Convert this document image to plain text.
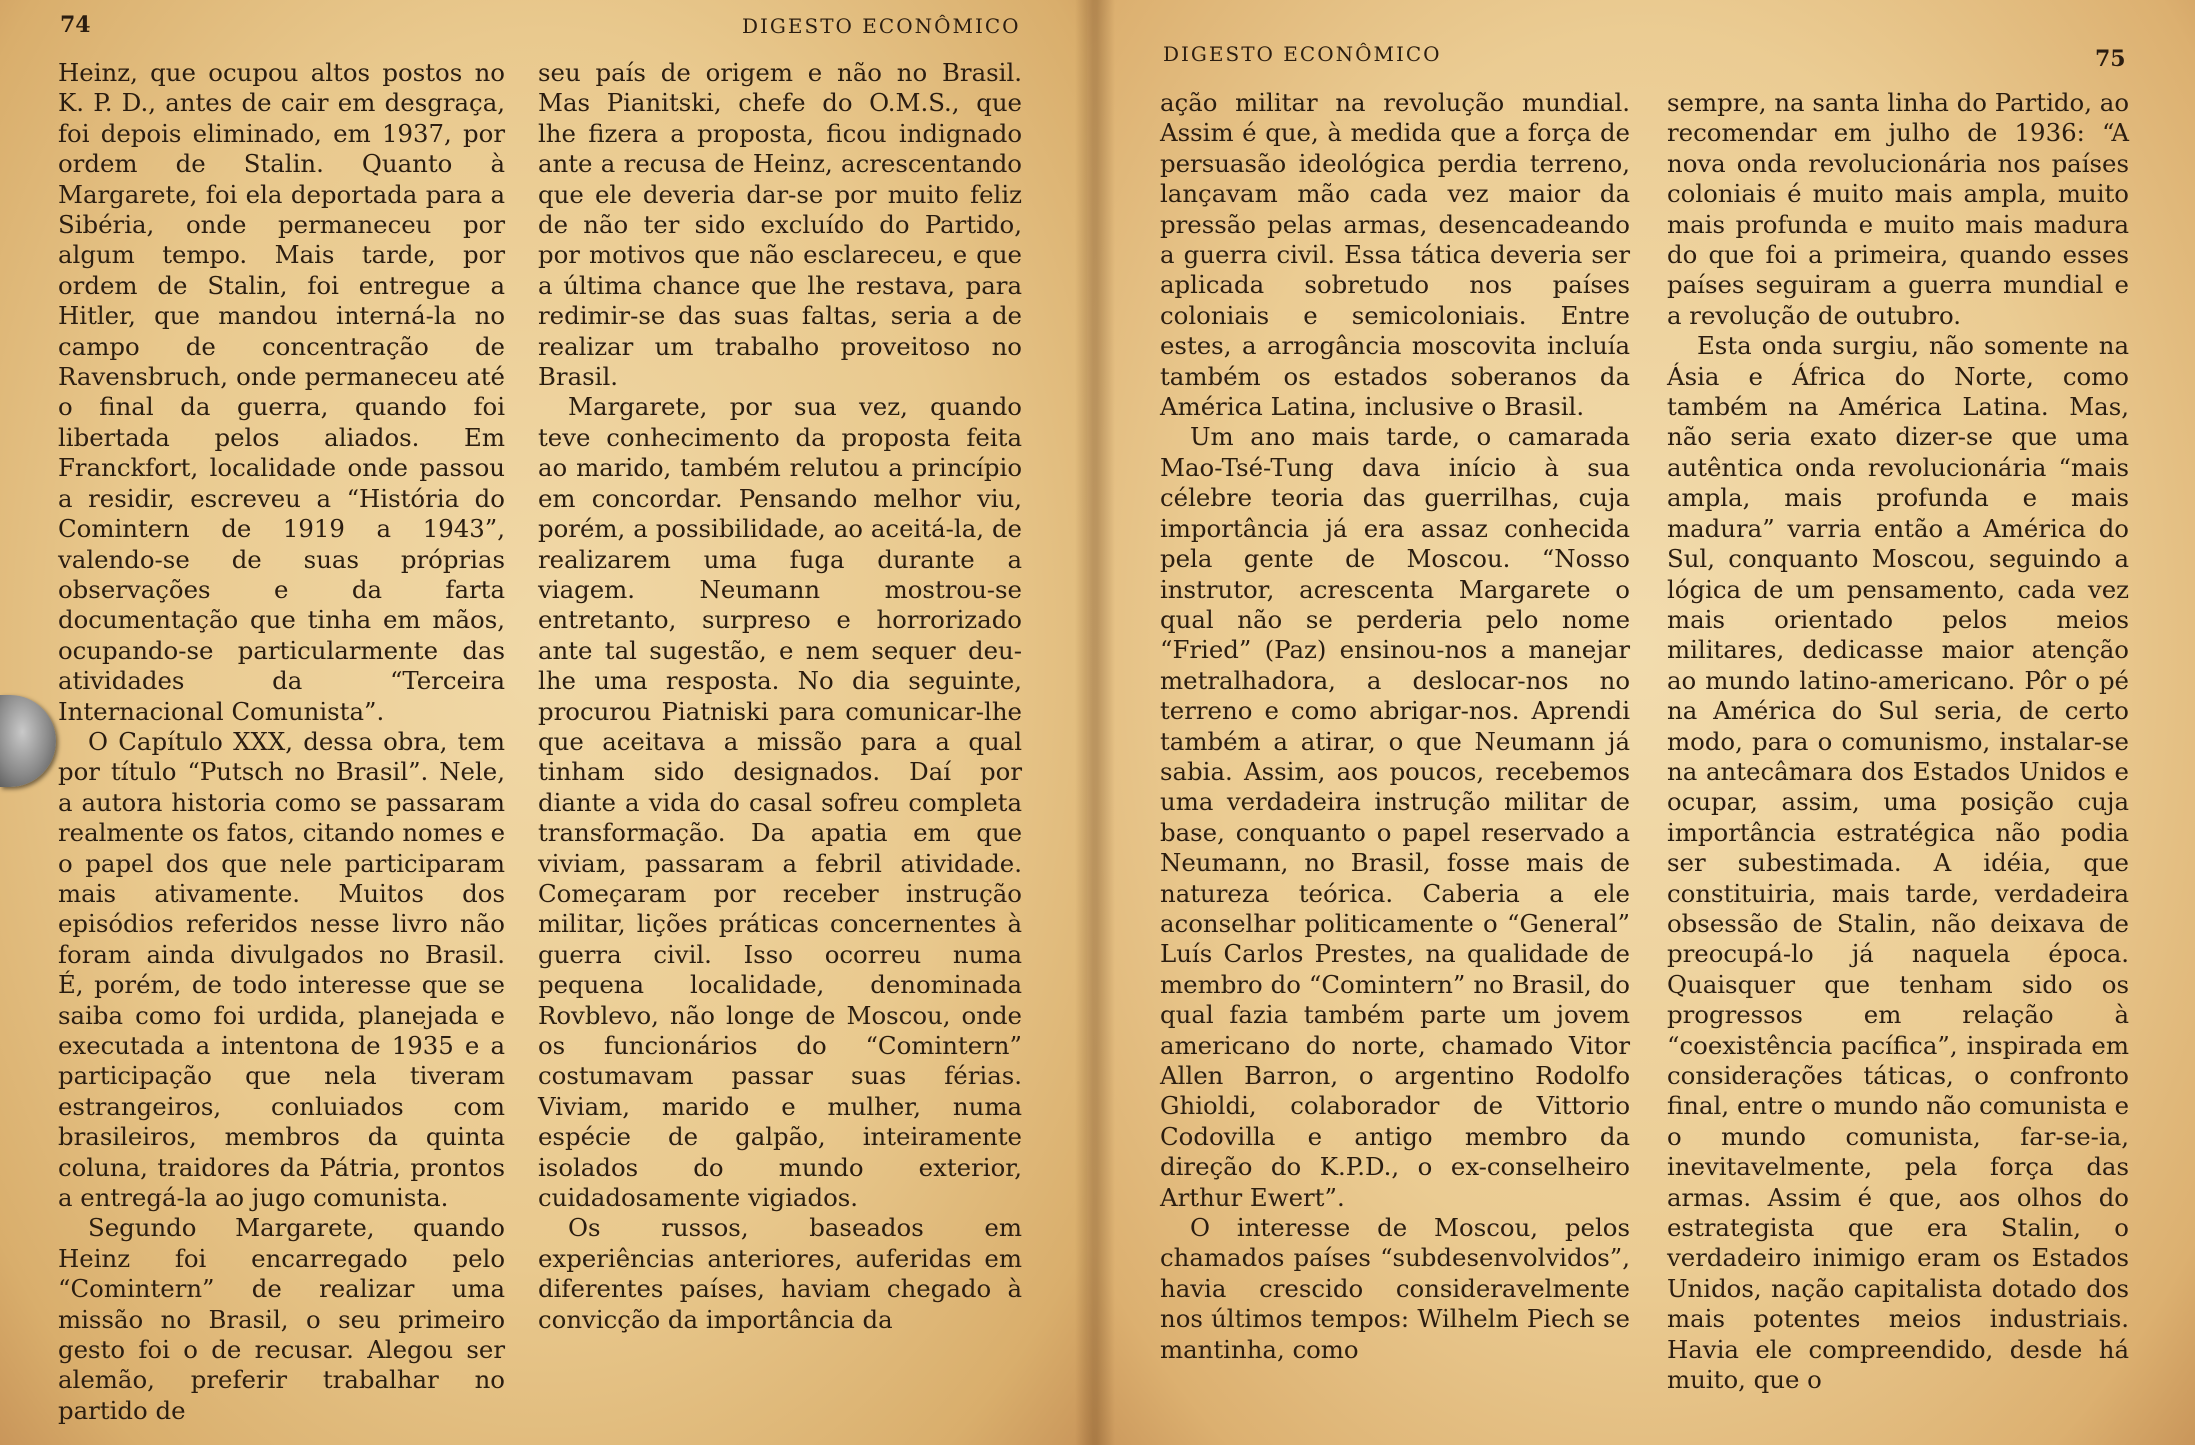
74	DIGESTO ECONÔMICO

Heinz, que ocupou altos postos no K. P. D., antes de cair em desgraça, foi depois eliminado, em 1937, por ordem de Stalin. Quanto à Margarete, foi ela deportada para a Sibéria, onde permaneceu por algum tempo. Mais tarde, por ordem de Stalin, foi entregue a Hitler, que mandou interná-la no campo de concentração de Ravensbruch, onde permaneceu até o final da guerra, quando foi libertada pelos aliados. Em Franckfort, localidade onde passou a residir, escreveu a “História do Comintern de 1919 a 1943”, valendo-se de suas próprias observações e da farta documentação que tinha em mãos, ocupando-se particularmente das atividades da “Terceira Internacional Comunista”.

O Capítulo XXX, dessa obra, tem por título “Putsch no Brasil”. Nele, a autora historia como se passaram realmente os fatos, citando nomes e o papel dos que nele participaram mais ativamente. Muitos dos episódios referidos nesse livro não foram ainda divulgados no Brasil. É, porém, de todo interesse que se saiba como foi urdida, planejada e executada a intentona de 1935 e a participação que nela tiveram estrangeiros, conluiados com brasileiros, membros da quinta coluna, traidores da Pátria, prontos a entregá-la ao jugo comunista.

Segundo Margarete, quando Heinz foi encarregado pelo “Comintern” de realizar uma missão no Brasil, o seu primeiro gesto foi o de recusar. Alegou ser alemão, preferir trabalhar no partido de

seu país de origem e não no Brasil. Mas Pianitski, chefe do O.M.S., que lhe fizera a proposta, ficou indignado ante a recusa de Heinz, acrescentando que ele deveria dar-se por muito feliz de não ter sido excluído do Partido, por motivos que não esclareceu, e que a última chance que lhe restava, para redimir-se das suas faltas, seria a de realizar um trabalho proveitoso no Brasil.

Margarete, por sua vez, quando teve conhecimento da proposta feita ao marido, também relutou a princípio em concordar. Pensando melhor viu, porém, a possibilidade, ao aceitá-la, de realizarem uma fuga durante a viagem. Neumann mostrou-se entretanto, surpreso e horrorizado ante tal sugestão, e nem sequer deu-lhe uma resposta. No dia seguinte, procurou Piatniski para comunicar-lhe que aceitava a missão para a qual tinham sido designados. Daí por diante a vida do casal sofreu completa transformação. Da apatia em que viviam, passaram a febril atividade. Começaram por receber instrução militar, lições práticas concernentes à guerra civil. Isso ocorreu numa pequena localidade, denominada Rovblevo, não longe de Moscou, onde os funcionários do “Comintern” costumavam passar suas férias. Viviam, marido e mulher, numa espécie de galpão, inteiramente isolados do mundo exterior, cuidadosamente vigiados.

Os russos, baseados em experiências anteriores, auferidas em diferentes países, haviam chegado à convicção da importância da

DIGESTO ECONÔMICO	75

ação militar na revolução mundial. Assim é que, à medida que a força de persuasão ideológica perdia terreno, lançavam mão cada vez maior da pressão pelas armas, desencadeando a guerra civil. Essa tática deveria ser aplicada sobretudo nos países coloniais e semicoloniais. Entre estes, a arrogância moscovita incluía também os estados soberanos da América Latina, inclusive o Brasil.

Um ano mais tarde, o camarada Mao-Tsé-Tung dava início à sua célebre teoria das guerrilhas, cuja importância já era assaz conhecida pela gente de Moscou. “Nosso instrutor, acrescenta Margarete o qual não se perderia pelo nome “Fried” (Paz) ensinou-nos a manejar metralhadora, a deslocar-nos no terreno e como abrigar-nos. Aprendi também a atirar, o que Neumann já sabia. Assim, aos poucos, recebemos uma verdadeira instrução militar de base, conquanto o papel reservado a Neumann, no Brasil, fosse mais de natureza teórica. Caberia a ele aconselhar politicamente o “General” Luís Carlos Prestes, na qualidade de membro do “Comintern” no Brasil, do qual fazia também parte um jovem americano do norte, chamado Vitor Allen Barron, o argentino Rodolfo Ghioldi, colaborador de Vittorio Codovilla e antigo membro da direção do K.P.D., o ex-conselheiro Arthur Ewert”.

O interesse de Moscou, pelos chamados países “subdesenvolvidos”, havia crescido consideravelmente nos últimos tempos: Wilhelm Piech se mantinha, como

sempre, na santa linha do Partido, ao recomendar em julho de 1936: “A nova onda revolucionária nos países coloniais é muito mais ampla, muito mais profunda e muito mais madura do que foi a primeira, quando esses países seguiram a guerra mundial e a revolução de outubro.

Esta onda surgiu, não somente na Ásia e África do Norte, como também na América Latina. Mas, não seria exato dizer-se que uma autêntica onda revolucionária “mais ampla, mais profunda e mais madura” varria então a América do Sul, conquanto Moscou, seguindo a lógica de um pensamento, cada vez mais orientado pelos meios militares, dedicasse maior atenção ao mundo latino-americano. Pôr o pé na América do Sul seria, de certo modo, para o comunismo, instalar-se na antecâmara dos Estados Unidos e ocupar, assim, uma posição cuja importância estratégica não podia ser subestimada. A idéia, que constituiria, mais tarde, verdadeira obsessão de Stalin, não deixava de preocupá-lo já naquela época. Quaisquer que tenham sido os progressos em relação à “coexistência pacífica”, inspirada em considerações táticas, o confronto final, entre o mundo não comunista e o mundo comunista, far-se-ia, inevitavelmente, pela força das armas. Assim é que, aos olhos do estrategista que era Stalin, o verdadeiro inimigo eram os Estados Unidos, nação capitalista dotado dos mais potentes meios industriais. Havia ele compreendido, desde há muito, que o
